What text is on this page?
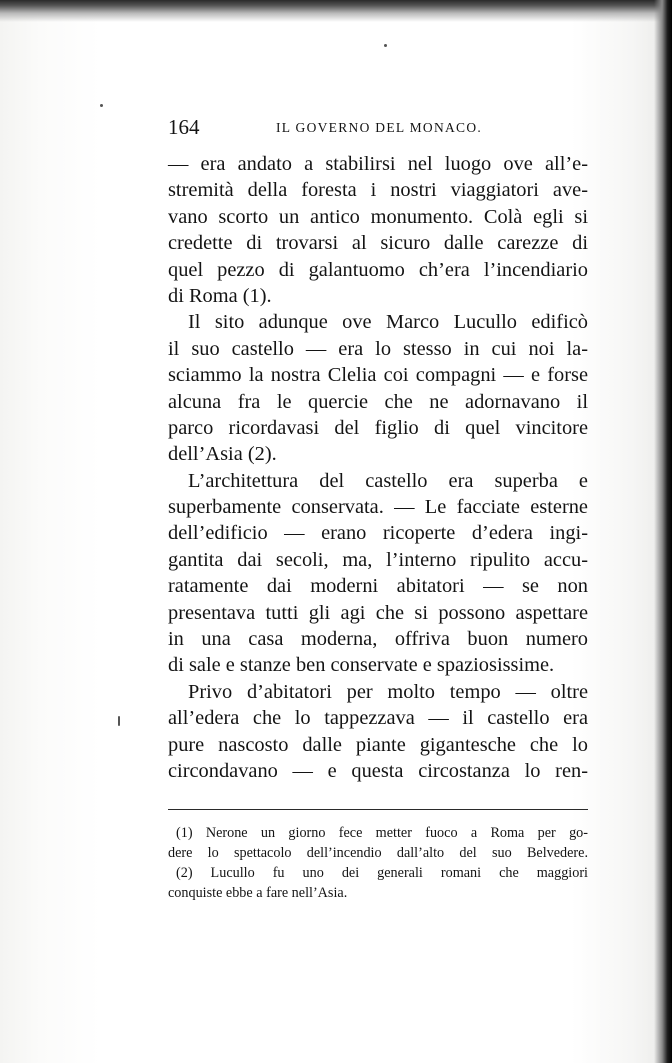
164	IL GOVERNO DEL MONACO.
— era andato a stabilirsi nel luogo ove all’e-
stremità della foresta i nostri viaggiatori ave-
vano scorto un antico monumento. Colà egli si
credette di trovarsi al sicuro dalle carezze di
quel pezzo di galantuomo ch’era l’incendiario
di Roma (1).
Il sito adunque ove Marco Lucullo edificò
il suo castello — era lo stesso in cui noi la-
sciammo la nostra Clelia coi compagni — e forse
alcuna fra le quercie che ne adornavano il
parco ricordavasi del figlio di quel vincitore
dell’Asia (2).
L’architettura del castello era superba e
superbamente conservata. — Le facciate esterne
dell’edificio — erano ricoperte d’edera ingi-
gantita dai secoli, ma, l’interno ripulito accu-
ratamente dai moderni abitatori — se non
presentava tutti gli agi che si possono aspettare
in una casa moderna, offriva buon numero
di sale e stanze ben conservate e spaziosissime.
Privo d’abitatori per molto tempo — oltre
all’edera che lo tappezzava — il castello era
pure nascosto dalle piante gigantesche che lo
circondavano — e questa circostanza lo ren-
(1) Nerone un giorno fece metter fuoco a Roma per go-
dere lo spettacolo dell’incendio dall’alto del suo Belvedere.
(2) Lucullo fu uno dei generali romani che maggiori
conquiste ebbe a fare nell’Asia.
